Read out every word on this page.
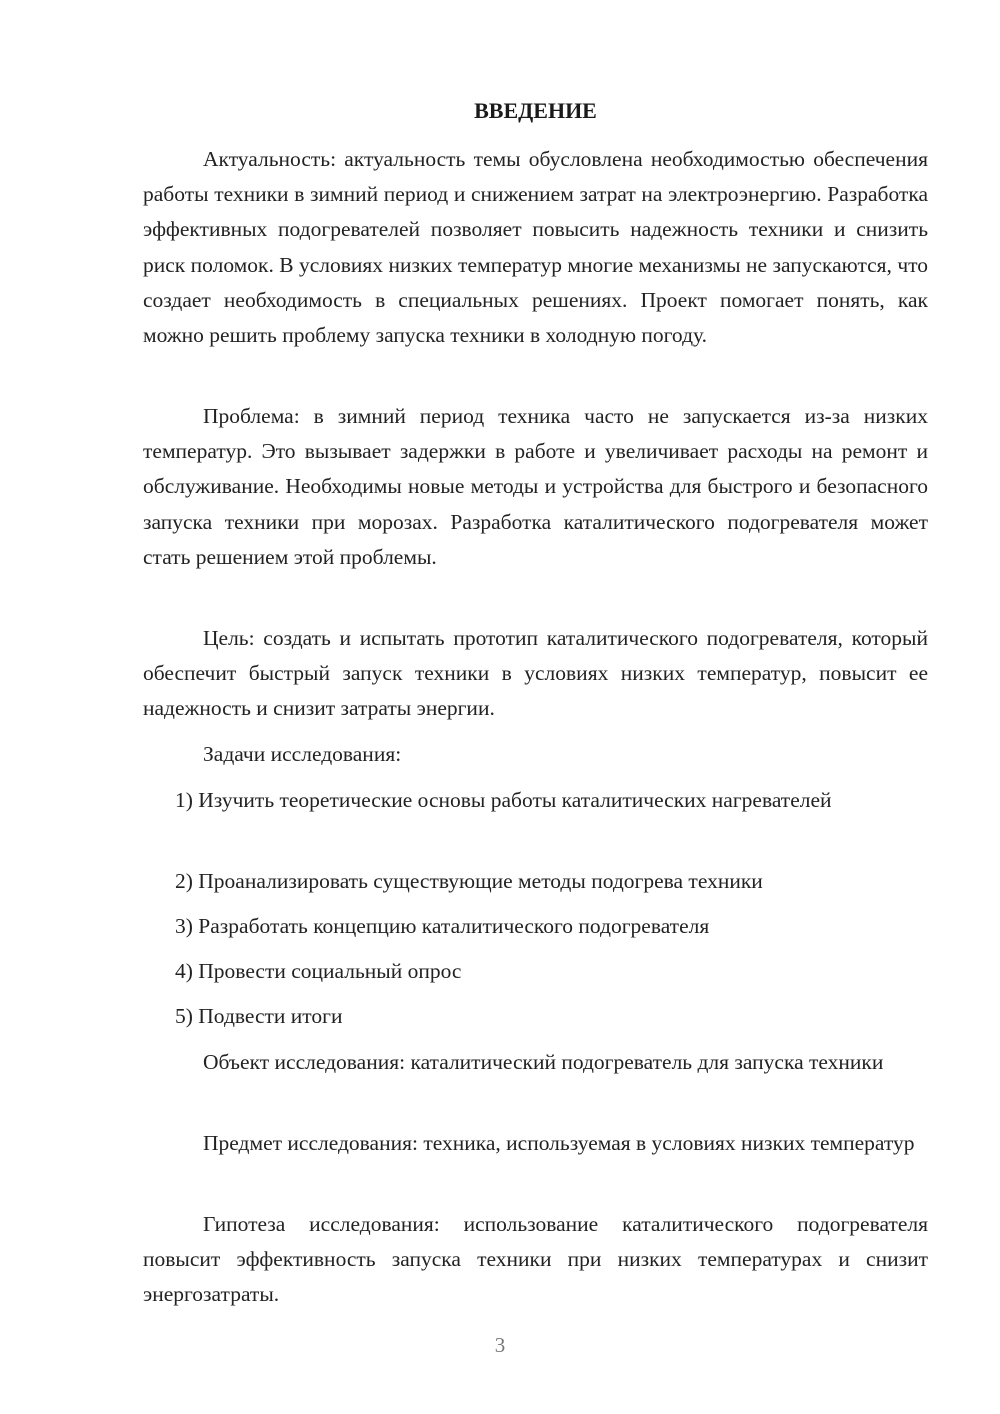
ВВЕДЕНИЕ

Актуальность: актуальность темы обусловлена необходимостью обеспечения работы техники в зимний период и снижением затрат на электроэнергию. Разработка эффективных подогревателей позволяет повысить надежность техники и снизить риск поломок. В условиях низких температур многие механизмы не запускаются, что создает необходимость в специальных решениях. Проект помогает понять, как можно решить проблему запуска техники в холодную погоду.

Проблема: в зимний период техника часто не запускается из-за низких температур. Это вызывает задержки в работе и увеличивает расходы на ремонт и обслуживание. Необходимы новые методы и устройства для быстрого и безопасного запуска техники при морозах. Разработка каталитического подогревателя может стать решением этой проблемы.

Цель: создать и испытать прототип каталитического подогревателя, который обеспечит быстрый запуск техники в условиях низких температур, повысит ее надежность и снизит затраты энергии.

Задачи исследования:

1) Изучить теоретические основы работы каталитических нагревателей

2) Проанализировать существующие методы подогрева техники

3) Разработать концепцию каталитического подогревателя

4) Провести социальный опрос

5) Подвести итоги

Объект исследования: каталитический подогреватель для запуска техники

Предмет исследования: техника, используемая в условиях низких температур

Гипотеза исследования: использование каталитического подогревателя повысит эффективность запуска техники при низких температурах и снизит энергозатраты.

3
